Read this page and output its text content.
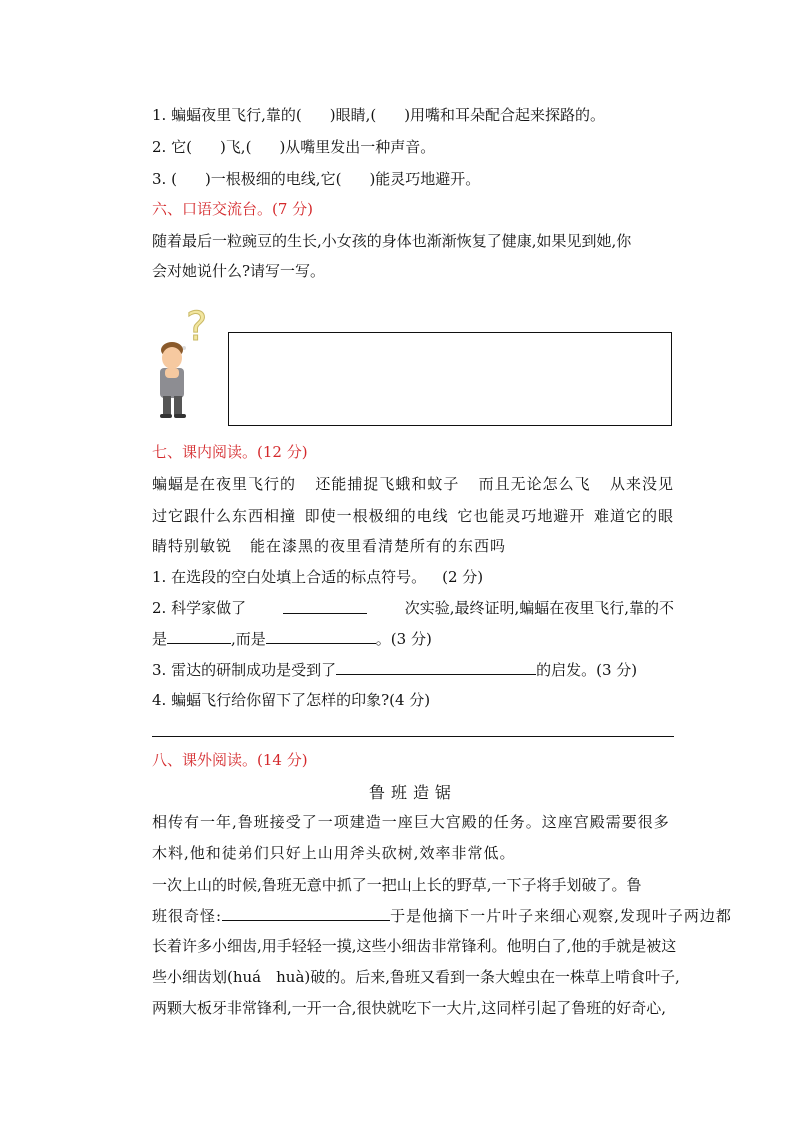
1. 蝙蝠夜里飞行,靠的( )眼睛,( )用嘴和耳朵配合起来探路的。
2. 它( )飞,( )从嘴里发出一种声音。
3. ( )一根极细的电线,它( )能灵巧地避开。
六、口语交流台。(7 分)
随着最后一粒豌豆的生长,小女孩的身体也渐渐恢复了健康,如果见到她,你
会对她说什么?请写一写。
?
七、课内阅读。(12 分)
蝙蝠是在夜里飞行的 还能捕捉飞蛾和蚊子 而且无论怎么飞 从来没见
过它跟什么东西相撞 即使一根极细的电线 它也能灵巧地避开 难道它的眼
睛特别敏锐 能在漆黑的夜里看清楚所有的东西吗
1. 在选段的空白处填上合适的标点符号。 (2 分)
2. 科学家做了	次实验,最终证明,蝙蝠在夜里飞行,靠的不
是	,而是	。(3 分)
3. 雷达的研制成功是受到了	的启发。(3 分)
4. 蝙蝠飞行给你留下了怎样的印象?(4 分)
八、课外阅读。(14 分)
鲁班造锯
相传有一年,鲁班接受了一项建造一座巨大宫殿的任务。这座宫殿需要很多
木料,他和徒弟们只好上山用斧头砍树,效率非常低。
一次上山的时候,鲁班无意中抓了一把山上长的野草,一下子将手划破了。鲁
班很奇怪:	于是他摘下一片叶子来细心观察,发现叶子两边都
长着许多小细齿,用手轻轻一摸,这些小细齿非常锋利。他明白了,他的手就是被这
些小细齿划(huá　huà)破的。后来,鲁班又看到一条大蝗虫在一株草上啃食叶子,
两颗大板牙非常锋利,一开一合,很快就吃下一大片,这同样引起了鲁班的好奇心,
